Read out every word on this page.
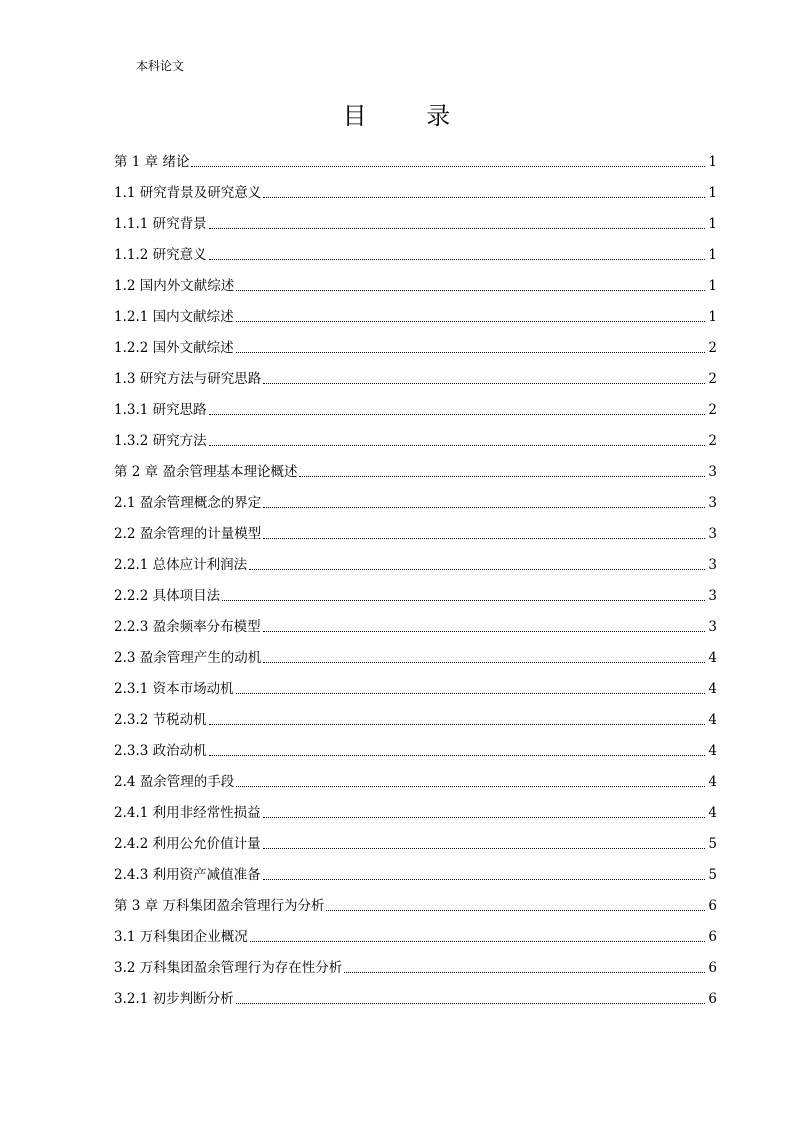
本科论文
目 录
第 1 章 绪论	1
1.1 研究背景及研究意义	1
1.1.1 研究背景	1
1.1.2 研究意义	1
1.2 国内外文献综述	1
1.2.1 国内文献综述	1
1.2.2 国外文献综述	2
1.3 研究方法与研究思路	2
1.3.1 研究思路	2
1.3.2 研究方法	2
第 2 章 盈余管理基本理论概述	3
2.1 盈余管理概念的界定	3
2.2 盈余管理的计量模型	3
2.2.1 总体应计利润法	3
2.2.2 具体项目法	3
2.2.3 盈余频率分布模型	3
2.3 盈余管理产生的动机	4
2.3.1 资本市场动机	4
2.3.2 节税动机	4
2.3.3 政治动机	4
2.4 盈余管理的手段	4
2.4.1 利用非经常性损益	4
2.4.2 利用公允价值计量	5
2.4.3 利用资产减值准备	5
第 3 章 万科集团盈余管理行为分析	6
3.1 万科集团企业概况	6
3.2 万科集团盈余管理行为存在性分析	6
3.2.1 初步判断分析	6
